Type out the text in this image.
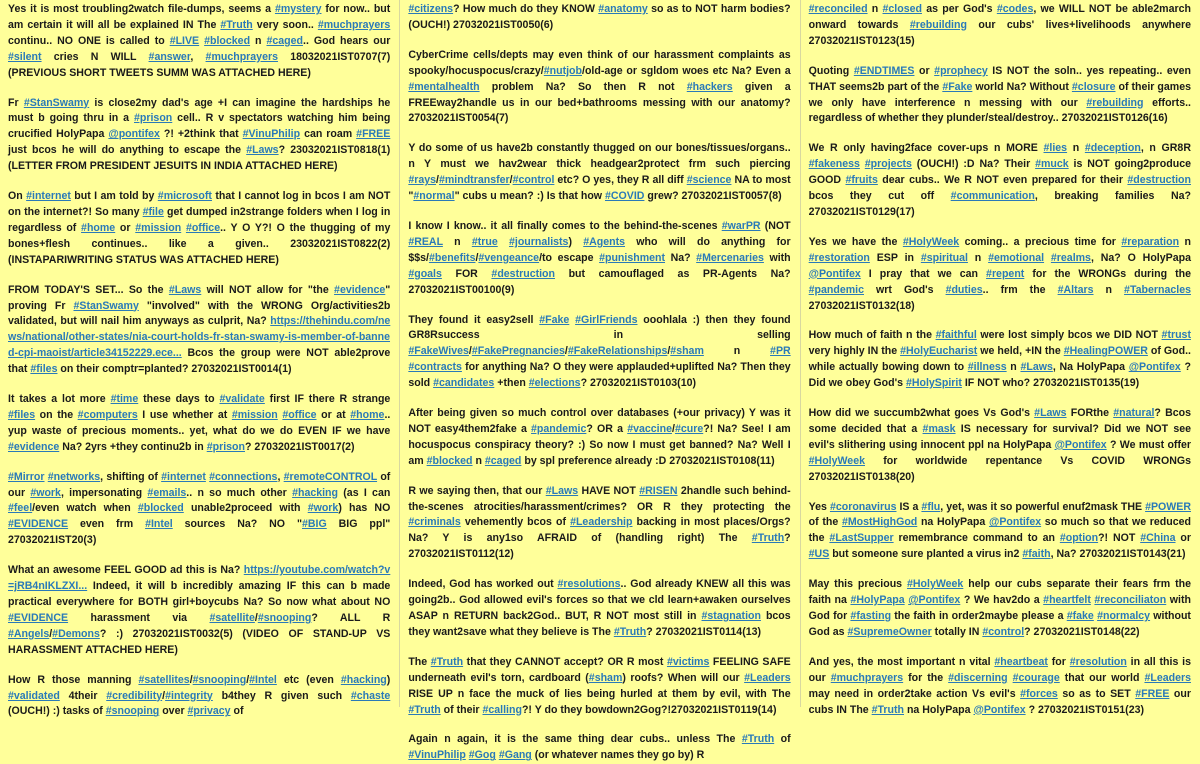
Yes it is most troubling2watch file-dumps, seems a #mystery for now.. but am certain it will all be explained IN The #Truth very soon.. #muchprayers continu.. NO ONE is called to #LIVE #blocked n #caged.. God hears our #silent cries N WILL #answer, #muchprayers 18032021IST0707(7) (PREVIOUS SHORT TWEETS SUMM WAS ATTACHED HERE)

Fr #StanSwamy is close2my dad's age +I can imagine the hardships he must b going thru in a #prison cell.. R v spectators watching him being crucified HolyPapa @pontifex ?! +2think that #VinuPhilip can roam #FREE just bcos he will do anything to escape the #Laws? 23032021IST0818(1) (LETTER FROM PRESIDENT JESUITS IN INDIA ATTACHED HERE)

On #internet but I am told by #microsoft that I cannot log in bcos I am NOT on the internet?! So many #file get dumped in2strange folders when I log in regardless of #home or #mission #office.. Y O Y?! O the thugging of my bones+flesh continues.. like a given.. 23032021IST0822(2) (INSTAPARIWRITING STATUS WAS ATTACHED HERE)

FROM TODAY'S SET... So the #Laws will NOT allow for "the #evidence" proving Fr #StanSwamy "involved" with the WRONG Org/activities2b validated, but will nail him anyways as culprit, Na? https://thehindu.com/news/national/other-states/nia-court-holds-fr-stan-swamy-is-member-of-banned-cpi-maoist/article34152229.ece... Bcos the group were NOT able2prove that #files on their comptr=planted? 27032021IST0014(1)

It takes a lot more #time these days to #validate first IF there R strange #files on the #computers I use whether at #mission #office or at #home.. yup waste of precious moments.. yet, what do we do EVEN IF we have #evidence Na? 2yrs +they continu2b in #prison? 27032021IST0017(2)

#Mirror #networks, shifting of #internet #connections, #remoteCONTROL of our #work, impersonating #emails.. n so much other #hacking (as I can #feel/even watch when #blocked unable2proceed with #work) has NO #EVIDENCE even frm #Intel sources Na? NO "#BIG BIG ppl" 27032021IST20(3)

What an awesome FEEL GOOD ad this is Na? https://youtube.com/watch?v=jRB4nIKLZXI... Indeed, it will b incredibly amazing IF this can b made practical everywhere for BOTH girl+boycubs Na? So now what about NO #EVIDENCE harassment via #satellite/#snooping? ALL R #Angels/#Demons? :) 27032021IST0032(5) (VIDEO OF STAND-UP VS HARASSMENT ATTACHED HERE)

How R those manning #satellites/#snooping/#Intel etc (even #hacking) #validated 4their #credibility/#integrity b4they R given such #chaste (OUCH!) :) tasks of #snooping over #privacy of

#citizens? How much do they KNOW #anatomy so as to NOT harm bodies? (OUCH!) 27032021IST0050(6)

CyberCrime cells/depts may even think of our harassment complaints as spooky/hocuspocus/crazy/#nutjob/old-age or sgldom woes etc Na? Even a #mentalhealth problem Na? So then R not #hackers given a FREEway2handle us in our bed+bathrooms messing with our anatomy? 27032021IST0054(7)

Y do some of us have2b constantly thugged on our bones/tissues/organs.. n Y must we hav2wear thick headgear2protect frm such piercing #rays/#mindtransfer/#control etc? O yes, they R all diff #science NA to most "#normal" cubs u mean? :) Is that how #COVID grew? 27032021IST0057(8)

I know I know.. it all finally comes to the behind-the-scenes #warPR (NOT #REAL n #true #journalists) #Agents who will do anything for $$s/#benefits/#vengeance/to escape #punishment Na? #Mercenaries with #goals FOR #destruction but camouflaged as PR-Agents Na? 27032021IST00100(9)

They found it easy2sell #Fake #GirlFriends ooohlala :) then they found GR8Rsuccess in selling #FakeWives/#FakePregnancies/#FakeRelationships/#sham n #PR #contracts for anything Na? O they were applauded+uplifted Na? Then they sold #candidates +then #elections? 27032021IST0103(10)

After being given so much control over databases (+our privacy) Y was it NOT easy4them2fake a #pandemic? OR a #vaccine/#cure?! Na? See! I am hocuspocus conspiracy theory? :) So now I must get banned? Na? Well I am #blocked n #caged by spl preference already :D 27032021IST0108(11)

R we saying then, that our #Laws HAVE NOT #RISEN 2handle such behind-the-scenes atrocities/harassment/crimes? OR R they protecting the #criminals vehemently bcos of #Leadership backing in most places/Orgs? Na? Y is any1so AFRAID of (handling right) The #Truth? 27032021IST0112(12)

Indeed, God has worked out #resolutions.. God already KNEW all this was going2b.. God allowed evil's forces so that we cld learn+awaken ourselves ASAP n RETURN back2God.. BUT, R NOT most still in #stagnation bcos they want2save what they believe is The #Truth? 27032021IST0114(13)

The #Truth that they CANNOT accept? OR R most #victims FEELING SAFE underneath evil's torn, cardboard (#sham) roofs? When will our #Leaders RISE UP n face the muck of lies being hurled at them by evil, with The #Truth of their #calling?! Y do they bowdown2Gog?!27032021IST0119(14)

Again n again, it is the same thing dear cubs.. unless The #Truth of #VinuPhilip #Gog #Gang (or whatever names they go by) R

#reconciled n #closed as per God's #codes, we WILL NOT be able2march onward towards #rebuilding our cubs' lives+livelihoods anywhere 27032021IST0123(15)

Quoting #ENDTIMES or #prophecy IS NOT the soln.. yes repeating.. even THAT seems2b part of the #Fake world Na? Without #closure of their games we only have interference n messing with our #rebuilding efforts.. regardless of whether they plunder/steal/destroy.. 27032021IST0126(16)

We R only having2face cover-ups n MORE #lies n #deception, n GR8R #fakeness #projects (OUCH!) :D Na? Their #muck is NOT going2produce GOOD #fruits dear cubs.. We R NOT even prepared for their #destruction bcos they cut off #communication, breaking families Na? 27032021IST0129(17)

Yes we have the #HolyWeek coming.. a precious time for #reparation n #restoration ESP in #spiritual n #emotional #realms, Na? O HolyPapa @Pontifex I pray that we can #repent for the WRONGs during the #pandemic wrt God's #duties.. frm the #Altars n #Tabernacles 27032021IST0132(18)

How much of faith n the #faithful were lost simply bcos we DID NOT #trust very highly IN the #HolyEucharist we held, +IN the #HealingPOWER of God.. while actually bowing down to #illness n #Laws, Na HolyPapa @Pontifex ? Did we obey God's #HolySpirit IF NOT who? 27032021IST0135(19)

How did we succumb2what goes Vs God's #Laws FORthe #natural? Bcos some decided that a #mask IS necessary for survival? Did we NOT see evil's slithering using innocent ppl na HolyPapa @Pontifex ? We must offer #HolyWeek for worldwide repentance Vs COVID WRONGs 27032021IST0138(20)

Yes #coronavirus IS a #flu, yet, was it so powerful enuf2mask THE #POWER of the #MostHighGod na HolyPapa @Pontifex so much so that we reduced the #LastSupper remembrance command to an #option?! NOT #China or #US but someone sure planted a virus in2 #faith, Na? 27032021IST0143(21)

May this precious #HolyWeek help our cubs separate their fears frm the faith na #HolyPapa @Pontifex ? We hav2do a #heartfelt #reconciliaton with God for #fasting the faith in order2maybe please a #fake #normalcy without God as #SupremeOwner totally IN #control? 27032021IST0148(22)

And yes, the most important n vital #heartbeat for #resolution in all this is our #muchprayers for the #discerning #courage that our world #Leaders may need in order2take action Vs evil's #forces so as to SET #FREE our cubs IN The #Truth na HolyPapa @Pontifex ? 27032021IST0151(23)
